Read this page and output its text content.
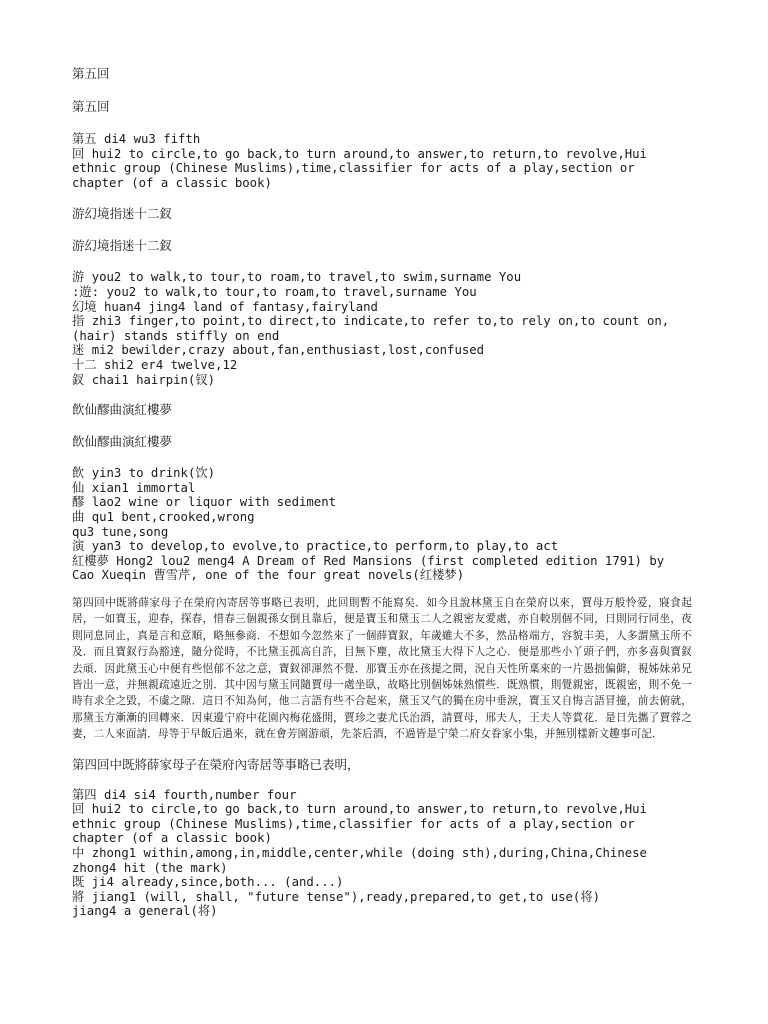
第五回
第五回
第五 di4 wu3 fifth
回 hui2 to circle,to go back,to turn around,to answer,to return,to revolve,Hui
ethnic group (Chinese Muslims),time,classifier for acts of a play,section or
chapter (of a classic book)
游幻境指迷十二釵
游幻境指迷十二釵
游 you2 to walk,to tour,to roam,to travel,to swim,surname You
:遊: you2 to walk,to tour,to roam,to travel,surname You
幻境 huan4 jing4 land of fantasy,fairyland
指 zhi3 finger,to point,to direct,to indicate,to refer to,to rely on,to count on,
(hair) stands stiffly on end
迷 mi2 bewilder,crazy about,fan,enthusiast,lost,confused
十二 shi2 er4 twelve,12
釵 chai1 hairpin(钗)
飲仙醪曲演紅樓夢
飲仙醪曲演紅樓夢
飲 yin3 to drink(饮)
仙 xian1 immortal
醪 lao2 wine or liquor with sediment
曲 qu1 bent,crooked,wrong
qu3 tune,song
演 yan3 to develop,to evolve,to practice,to perform,to play,to act
紅樓夢 Hong2 lou2 meng4 A Dream of Red Mansions (first completed edition 1791) by
Cao Xueqin 曹雪芹, one of the four great novels(红楼梦)
第四回中既將薛家母子在榮府內寄居等事略已表明，此回則暫不能寫矣．如今且說林黛玉自在榮府以來，賈母万般怜爱，寢食起居，一如寶玉，迎春，探春，惜春三個親孫女倒且靠后，便是寶玉和黛玉二人之親密友愛處，亦自較別個不同，日則同行同坐，夜則同息同止，真是言和意順，略無參商．不想如今忽然來了一個薛寶釵，年歲雖大不多，然品格端方，容貌丰美，人多謂黛玉所不及．而且寶釵行為豁達，隨分從時，不比黛玉孤高自許，目無下塵，故比黛玉大得下人之心．便是那些小丫頭子們，亦多喜與寶釵去頑．因此黛玉心中便有些悒郁不忿之意，寶釵卻渾然不覺．那寶玉亦在孩提之間，況自天性所稟來的一片愚拙偏僻，視姊妹弟兄皆出一意，并無親疏遠近之別．其中因与黛玉同隨賈母一處坐臥，故略比別個姊妹熟慣些．既熟慣，則覺親密，既親密，則不免一時有求全之毀，不虞之隙．這日不知為何，他二言語有些不合起來，黛玉又气的獨在房中垂淚，寶玉又自悔言語冒撞，前去俯就，那黛玉方漸漸的回轉來．因東邊宁府中花園內梅花盛開，賈珍之妻尤氏治酒，請賈母，邢夫人，王夫人等賞花．是日先攜了賈蓉之妻，二人來面請．母等于早飯后過來，就在會芳園游頑，先茶后酒，不過皆是宁榮二府女眷家小集，并無別樣新文趣事可記．
第四回中既將薛家母子在榮府內寄居等事略已表明，
第四 di4 si4 fourth,number four
回 hui2 to circle,to go back,to turn around,to answer,to return,to revolve,Hui
ethnic group (Chinese Muslims),time,classifier for acts of a play,section or
chapter (of a classic book)
中 zhong1 within,among,in,middle,center,while (doing sth),during,China,Chinese
zhong4 hit (the mark)
既 ji4 already,since,both... (and...)
將 jiang1 (will, shall, "future tense"),ready,prepared,to get,to use(将)
jiang4 a general(将)
